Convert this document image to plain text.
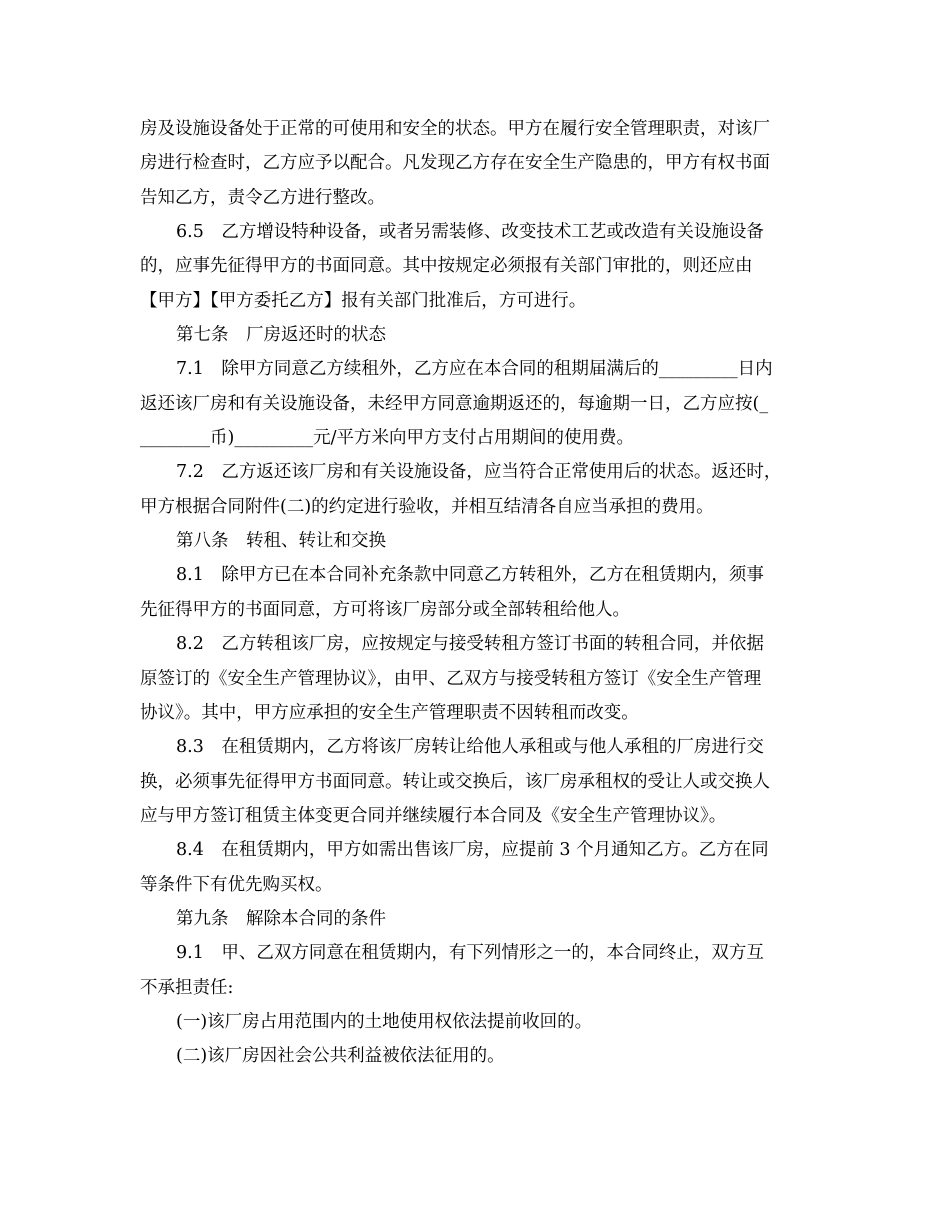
房及设施设备处于正常的可使用和安全的状态。甲方在履行安全管理职责，对该厂
房进行检查时，乙方应予以配合。凡发现乙方存在安全生产隐患的，甲方有权书面
告知乙方，责令乙方进行整改。
6.5　乙方增设特种设备，或者另需装修、改变技术工艺或改造有关设施设备
的，应事先征得甲方的书面同意。其中按规定必须报有关部门审批的，则还应由
【甲方】【甲方委托乙方】报有关部门批准后，方可进行。
第七条　厂房返还时的状态
7.1　除甲方同意乙方续租外，乙方应在本合同的租期届满后的_________日内
返还该厂房和有关设施设备，未经甲方同意逾期返还的，每逾期一日，乙方应按(_
________币)_________元/平方米向甲方支付占用期间的使用费。
7.2　乙方返还该厂房和有关设施设备，应当符合正常使用后的状态。返还时，
甲方根据合同附件(二)的约定进行验收，并相互结清各自应当承担的费用。
第八条　转租、转让和交换
8.1　除甲方已在本合同补充条款中同意乙方转租外，乙方在租赁期内，须事
先征得甲方的书面同意，方可将该厂房部分或全部转租给他人。
8.2　乙方转租该厂房，应按规定与接受转租方签订书面的转租合同，并依据
原签订的《安全生产管理协议》，由甲、乙双方与接受转租方签订《安全生产管理
协议》。其中，甲方应承担的安全生产管理职责不因转租而改变。
8.3　在租赁期内，乙方将该厂房转让给他人承租或与他人承租的厂房进行交
换，必须事先征得甲方书面同意。转让或交换后，该厂房承租权的受让人或交换人
应与甲方签订租赁主体变更合同并继续履行本合同及《安全生产管理协议》。
8.4　在租赁期内，甲方如需出售该厂房，应提前 3 个月通知乙方。乙方在同
等条件下有优先购买权。
第九条　解除本合同的条件
9.1　甲、乙双方同意在租赁期内，有下列情形之一的，本合同终止，双方互
不承担责任:
(一)该厂房占用范围内的土地使用权依法提前收回的。
(二)该厂房因社会公共利益被依法征用的。
